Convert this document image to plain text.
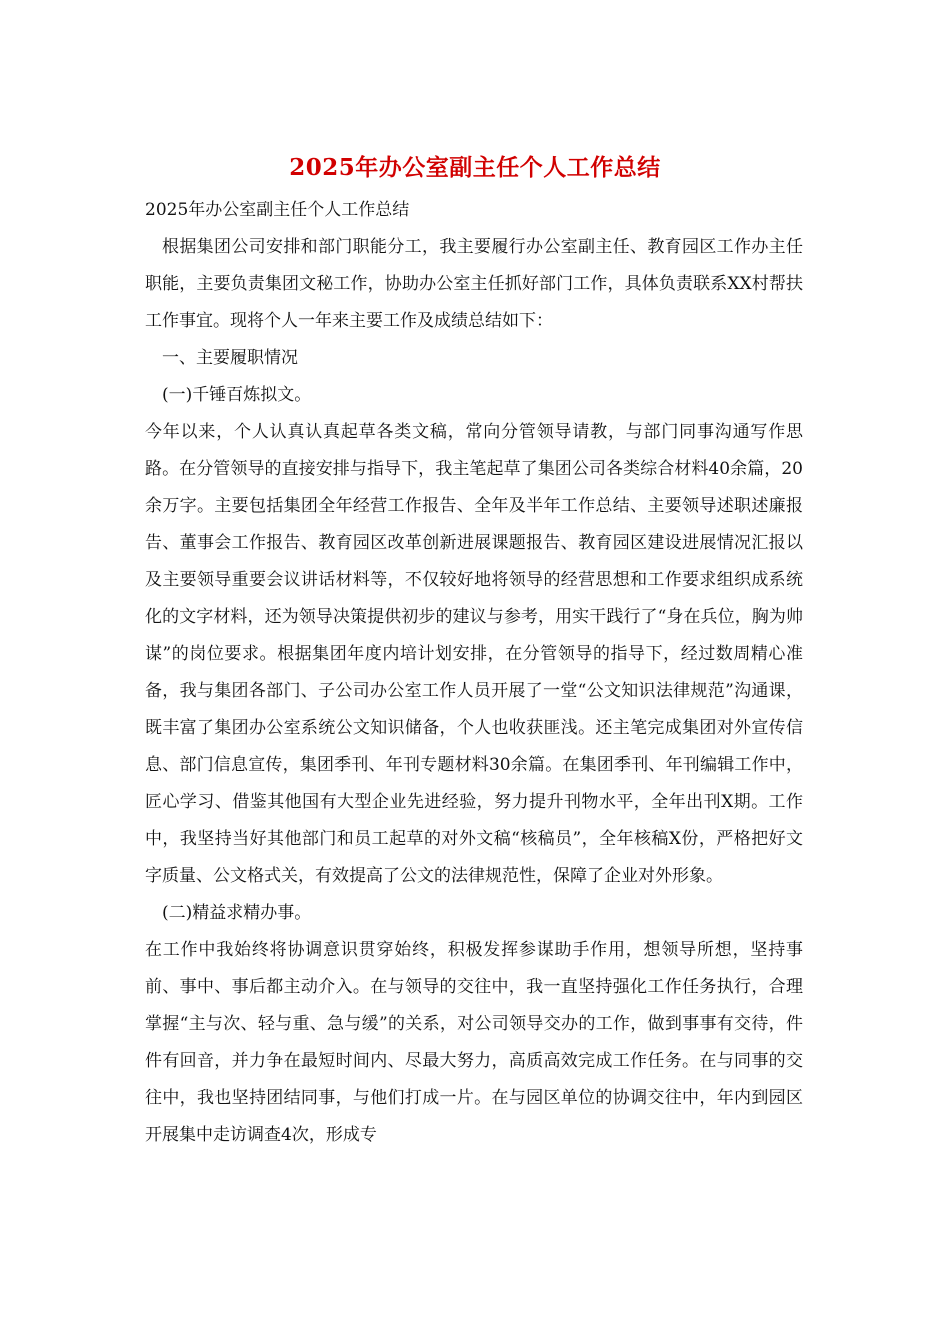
2025年办公室副主任个人工作总结

2025年办公室副主任个人工作总结

根据集团公司安排和部门职能分工，我主要履行办公室副主任、教育园区工作办主任职能，主要负责集团文秘工作，协助办公室主任抓好部门工作，具体负责联系XX村帮扶工作事宜。现将个人一年来主要工作及成绩总结如下：

一、主要履职情况

(一)千锤百炼拟文。

今年以来，个人认真认真起草各类文稿，常向分管领导请教，与部门同事沟通写作思路。在分管领导的直接安排与指导下，我主笔起草了集团公司各类综合材料40余篇，20余万字。主要包括集团全年经营工作报告、全年及半年工作总结、主要领导述职述廉报告、董事会工作报告、教育园区改革创新进展课题报告、教育园区建设进展情况汇报以及主要领导重要会议讲话材料等，不仅较好地将领导的经营思想和工作要求组织成系统化的文字材料，还为领导决策提供初步的建议与参考，用实干践行了“身在兵位，胸为帅谋”的岗位要求。根据集团年度内培计划安排，在分管领导的指导下，经过数周精心准备，我与集团各部门、子公司办公室工作人员开展了一堂“公文知识法律规范”沟通课，既丰富了集团办公室系统公文知识储备，个人也收获匪浅。还主笔完成集团对外宣传信息、部门信息宣传，集团季刊、年刊专题材料30余篇。在集团季刊、年刊编辑工作中，匠心学习、借鉴其他国有大型企业先进经验，努力提升刊物水平，全年出刊X期。工作中，我坚持当好其他部门和员工起草的对外文稿“核稿员”，全年核稿X份，严格把好文字质量、公文格式关，有效提高了公文的法律规范性，保障了企业对外形象。

(二)精益求精办事。

在工作中我始终将协调意识贯穿始终，积极发挥参谋助手作用，想领导所想，坚持事前、事中、事后都主动介入。在与领导的交往中，我一直坚持强化工作任务执行，合理掌握“主与次、轻与重、急与缓”的关系，对公司领导交办的工作，做到事事有交待，件件有回音，并力争在最短时间内、尽最大努力，高质高效完成工作任务。在与同事的交往中，我也坚持团结同事，与他们打成一片。在与园区单位的协调交往中，年内到园区开展集中走访调查4次，形成专
